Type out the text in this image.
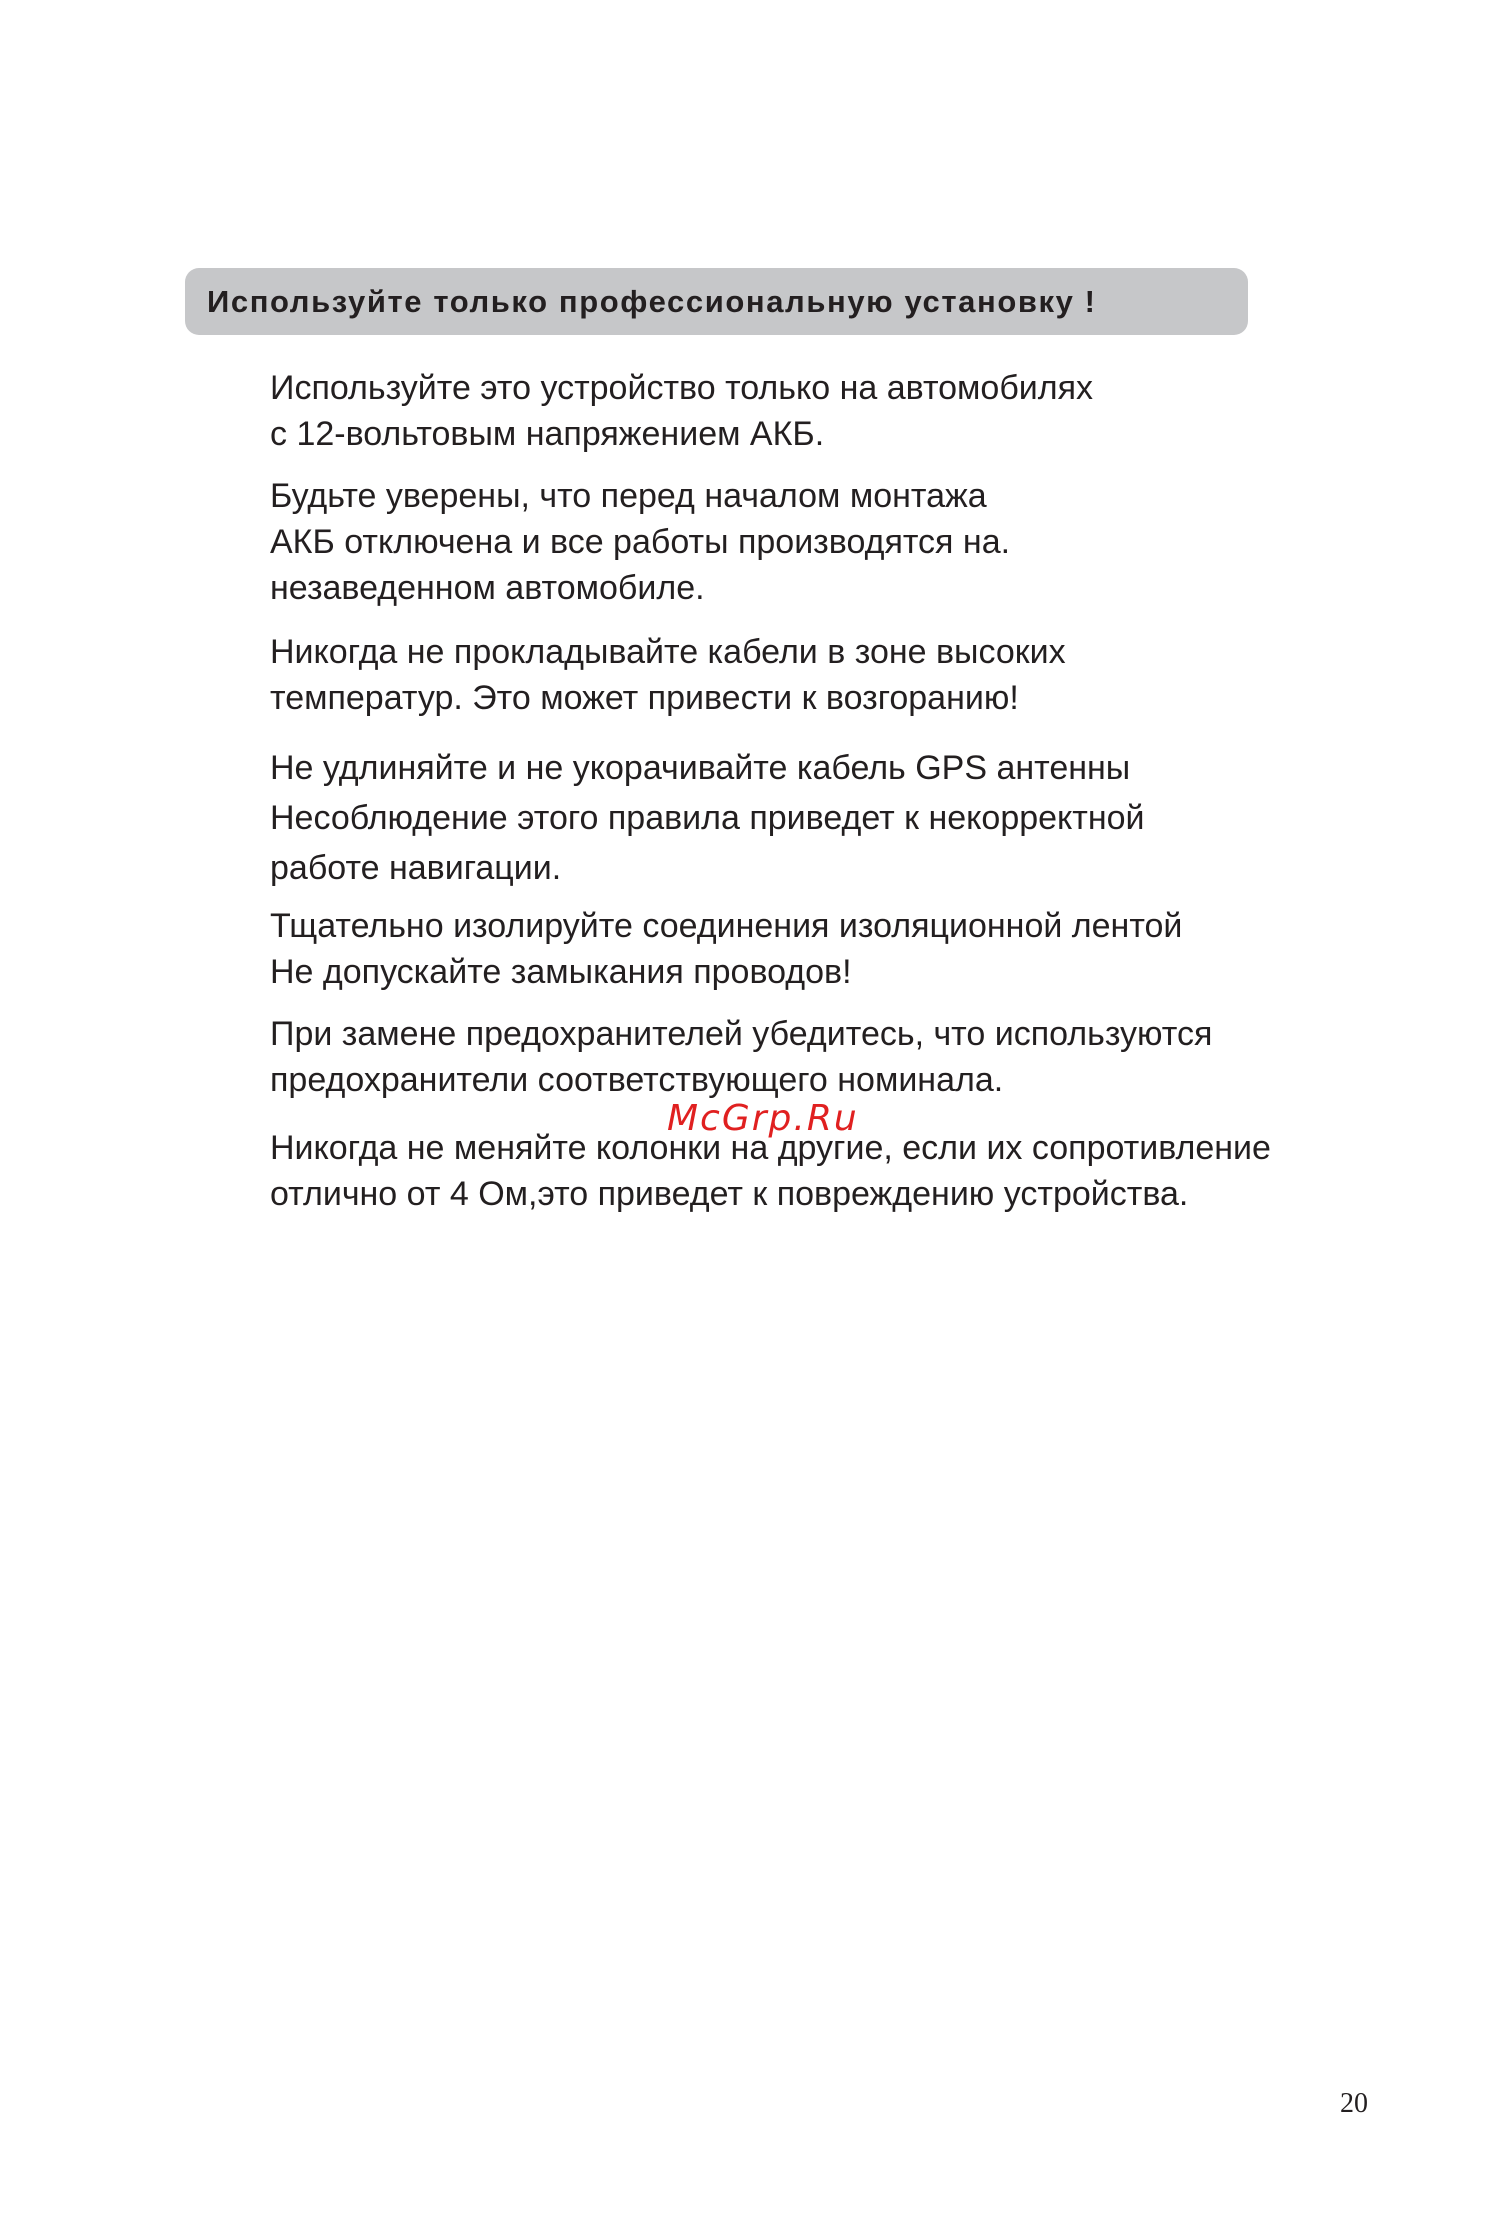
Используйте только профессиональную установку !

Используйте это устройство только на автомобилях
с 12-вольтовым напряжением АКБ.

Будьте уверены, что перед началом монтажа
АКБ отключена и все работы производятся на.
незаведенном автомобиле.

Никогда не прокладывайте кабели в зоне высоких
температур. Это может привести к возгоранию!

Не удлиняйте и не укорачивайте кабель GPS антенны
Несоблюдение этого правила приведет к некорректной
работе навигации.

Тщательно изолируйте соединения изоляционной лентой
Не допускайте замыкания проводов!

При замене предохранителей убедитесь, что используются
предохранители соответствующего номинала.

Никогда не меняйте колонки на другие, если их сопротивление
отлично от 4 Ом,это приведет к повреждению устройства.

McGrp.Ru
20
